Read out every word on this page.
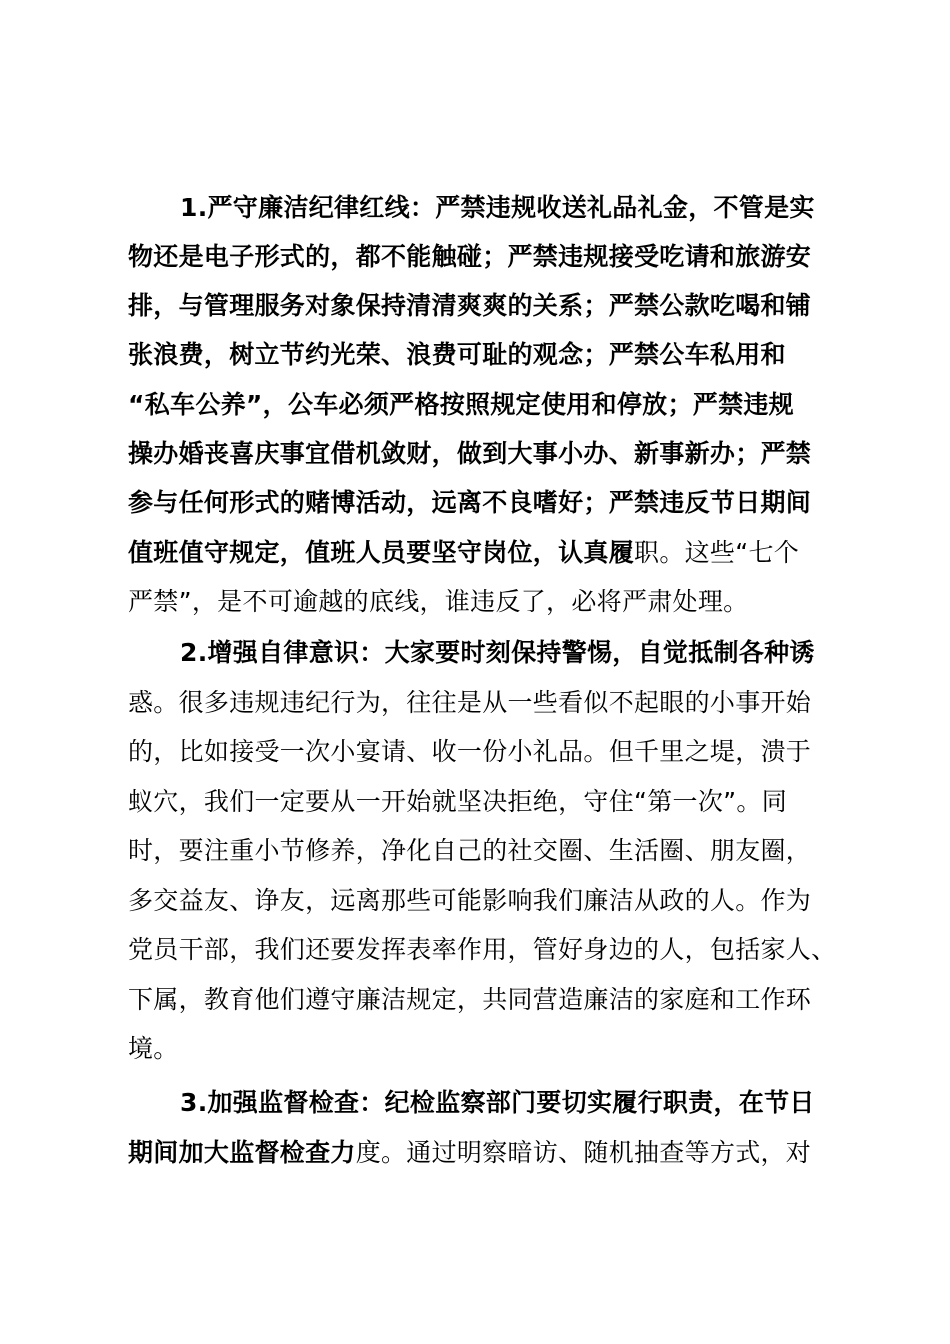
1.严守廉洁纪律红线：严禁违规收送礼品礼金，不管是实
物还是电子形式的，都不能触碰；严禁违规接受吃请和旅游安
排，与管理服务对象保持清清爽爽的关系；严禁公款吃喝和铺
张浪费，树立节约光荣、浪费可耻的观念；严禁公车私用和
“私车公养”，公车必须严格按照规定使用和停放；严禁违规
操办婚丧喜庆事宜借机敛财，做到大事小办、新事新办；严禁
参与任何形式的赌博活动，远离不良嗜好；严禁违反节日期间
值班值守规定，值班人员要坚守岗位，认真履职。这些“七个
严禁”，是不可逾越的底线，谁违反了，必将严肃处理。
2.增强自律意识：大家要时刻保持警惕，自觉抵制各种诱
惑。很多违规违纪行为，往往是从一些看似不起眼的小事开始
的，比如接受一次小宴请、收一份小礼品。但千里之堤，溃于
蚁穴，我们一定要从一开始就坚决拒绝，守住“第一次”。同
时，要注重小节修养，净化自己的社交圈、生活圈、朋友圈，
多交益友、诤友，远离那些可能影响我们廉洁从政的人。作为
党员干部，我们还要发挥表率作用，管好身边的人，包括家人、
下属，教育他们遵守廉洁规定，共同营造廉洁的家庭和工作环
境。
3.加强监督检查：纪检监察部门要切实履行职责，在节日
期间加大监督检查力度。通过明察暗访、随机抽查等方式，对
